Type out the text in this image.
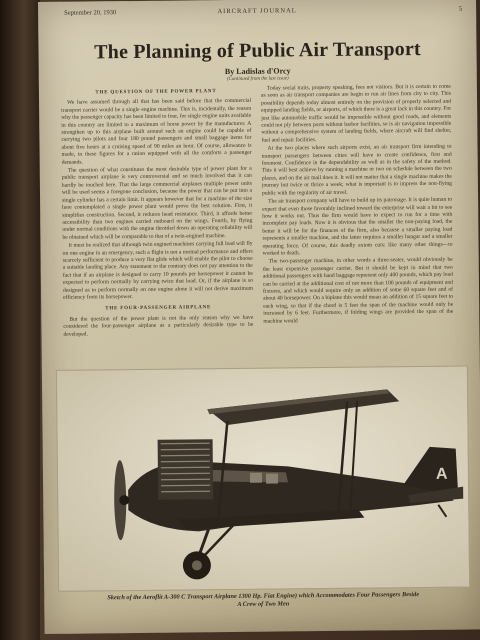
September 20, 1930	AIRCRAFT JOURNAL	5
The Planning of Public Air Transport
By Ladislas d'Orcy
(Continued from the last issue)
THE QUESTION OF THE POWER PLANT

We have assumed through all that has been said before that the commercial transport carrier would be a single engine machine. This is, incidentally, the reason why the passenger capacity has been limited to four, for single engine units available in this country are limited to a maximum of horse power by the manufacturer. A strengthen up to this airplane built around such an engine could be capable of carrying two pilots and four 180 pound passengers and small baggage items for about five hours at a cruising speed of 90 miles an hour. Of course, allowance is made, in these figures for a ration equipped with all the comforts a passenger demands.

The question of what constitutes the most desirable type of power plant for a public transport airplane is very controversial and so much involved that it can hardly be touched here. That the large commercial airplanes multiple power units will be used seems a foregone conclusion, because the power that can be put into a single cylinder has a certain limit. It appears however that for a machine of the size here contemplated a single power plant would prove the best solution. First, it simplifies construction. Second, it reduces head resistance. Third, it affords better accessibility than two engines carried outboard on the wings. Fourth, by flying under normal conditions with the engine throttled down an operating reliability will be obtained which will be comparable to that of a twin-engined machine.

It must be realized that although twin engined machines carrying full load will fly on one engine in an emergency, such a flight is not a normal performance and offers scarcely sufficient to produce a very flat glide which will enable the pilot to choose a suitable landing place. Any statement to the contrary does not pay attention to the fact that if an airplane is designed to carry 10 pounds per horsepower it cannot be expected to perform normally by carrying twice that load. Or, if the airplane is so designed as to perform normally on one engine alone it will not derive maximum efficiency from its horsepower.

THE FOUR-PASSENGER AIRPLANE

But the question of the power plant is not the only reason why we have considered the four-passenger airplane as a particularly desirable type to be developed.

Today social traits, property speaking, fees not visitors. But it is certain to come as soon as air transport companies are begin to run air lines from city to city. This possibility depends today almost entirely on the provision of properly selected and equipped landing fields, or airports, of which there is a great lack in this country. For just like automobile traffic would be impossible without good roads, and elements could not ply between ports without harbor facilities, so is air navigation impossible without a comprehensive system of landing fields, where aircraft will find shelter, fuel and repair facilities.

At the two places where such airports exist, an air transport firm intending to transport passengers between cities will have to create confidence, first and foremost. Confidence in the dependability as well as in the safety of the method. This it will best achieve by running a machine or two on schedule between the two places, and on the air mail does it. It will not matter that a single machine makes the journey but twice or thrice a week; what is important is to impress the non-flying public with the regularity of air travel.

The air transport company will have to build up its patronage. It is quite human to expect that even those favorably inclined toward the enterprise will wait a bit to see how it works out. Thus the firm would have to expect to run for a time with incomplete pay loads. Now it is obvious that the smaller the non-paying load, the better it will be for the finances of the firm, also because a smaller paying load represents a smaller machine, and the latter requires a smaller hangar and a smaller operating force. Of course, this deadly axiom cuts: like many other things—to worked to death.

The two-passenger machine, in other words a three-seater, would obviously be the least expensive passenger carrier. But it should be kept in mind that two additional passengers with hand baggage represent only 400 pounds, which pay load can be carried at the additional cost of not more than 100 pounds of equipment and fixtures, and which would require only an addition of some 60 square feet and of about 40 horsepower. On a biplane this would mean an addition of 15 square feet to each wing, so that if the chord is 5 feet the span of the machine would only be increased by 6 feet. Furthermore, if folding wings are provided the span of the machine would

A
Sketch of the Aeroflit A-300 C Transport Airplane 1300 Hp. Fiat Engine) which Accommodates Four Passengers Beside
A Crew of Two Men
